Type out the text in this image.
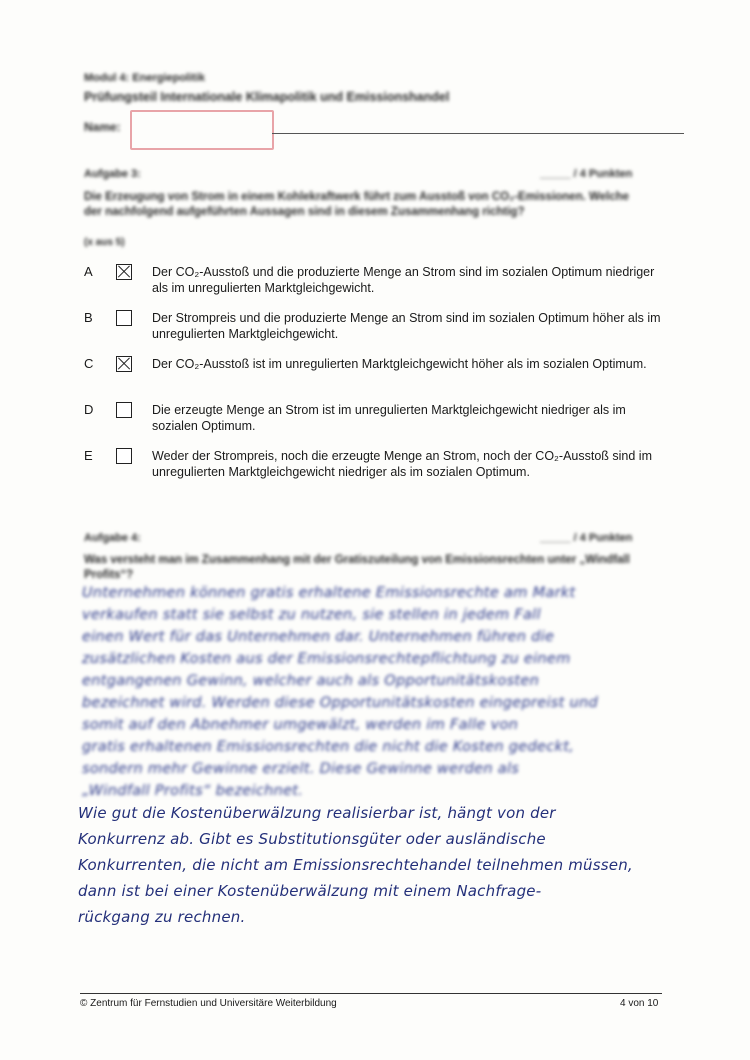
Modul 4: Energiepolitik
Prüfungsteil Internationale Klimapolitik und Emissionshandel
Name:
Aufgabe 3:	_____ / 4 Punkten
Die Erzeugung von Strom in einem Kohlekraftwerk führt zum Ausstoß von CO₂-Emissionen. Welche der nachfolgend aufgeführten Aussagen sind in diesem Zusammenhang richtig?
(x aus 5)
A	Der CO₂-Ausstoß und die produzierte Menge an Strom sind im sozialen Optimum niedriger als im unregulierten Marktgleichgewicht.
B	Der Strompreis und die produzierte Menge an Strom sind im sozialen Optimum höher als im unregulierten Marktgleichgewicht.
C	Der CO₂-Ausstoß ist im unregulierten Marktgleichgewicht höher als im sozialen Optimum.
D	Die erzeugte Menge an Strom ist im unregulierten Marktgleichgewicht niedriger als im sozialen Optimum.
E	Weder der Strompreis, noch die erzeugte Menge an Strom, noch der CO₂-Ausstoß sind im unregulierten Marktgleichgewicht niedriger als im sozialen Optimum.
Aufgabe 4:	_____ / 4 Punkten
Was versteht man im Zusammenhang mit der Gratiszuteilung von Emissionsrechten unter „Windfall Profits“?
Unternehmen können gratis erhaltene Emissionsrechte am Markt
verkaufen statt sie selbst zu nutzen, sie stellen in jedem Fall
einen Wert für das Unternehmen dar. Unternehmen führen die
zusätzlichen Kosten aus der Emissionsrechtepflichtung zu einem
entgangenen Gewinn, welcher auch als Opportunitätskosten
bezeichnet wird. Werden diese Opportunitätskosten eingepreist und
somit auf den Abnehmer umgewälzt, werden im Falle von
gratis erhaltenen Emissionsrechten die nicht die Kosten gedeckt,
sondern mehr Gewinne erzielt. Diese Gewinne werden als
„Windfall Profits“ bezeichnet.
Wie gut die Kostenüberwälzung realisierbar ist, hängt von der
Konkurrenz ab. Gibt es Substitutionsgüter oder ausländische
Konkurrenten, die nicht am Emissionsrechtehandel teilnehmen müssen,
dann ist bei einer Kostenüberwälzung mit einem Nachfrage-
rückgang zu rechnen.
© Zentrum für Fernstudien und Universitäre Weiterbildung	4 von 10
